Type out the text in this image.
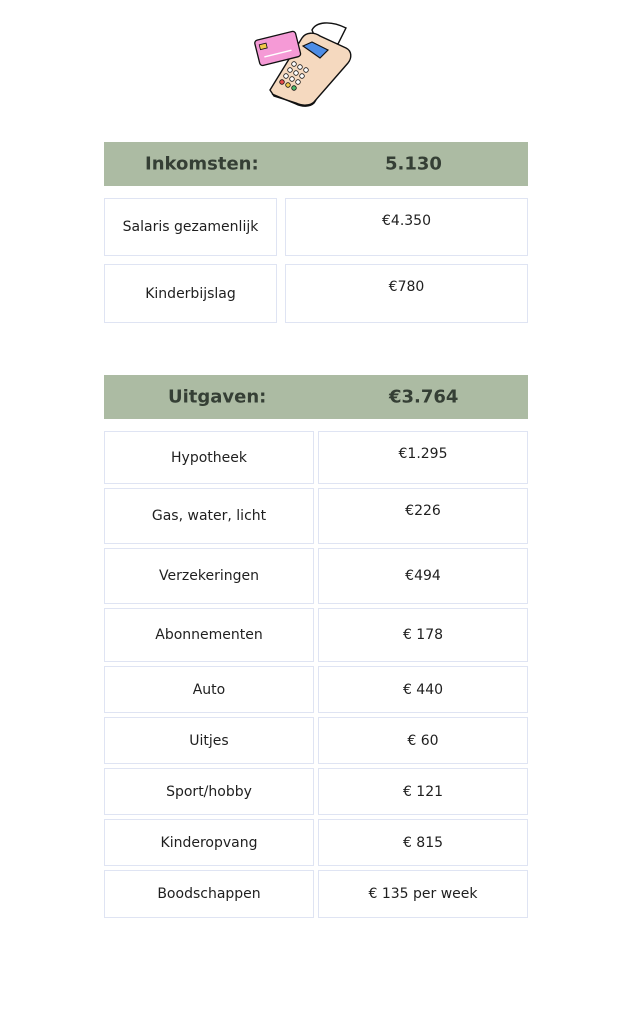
Inkomsten:	5.130
Salaris gezamenlijk	€4.350
Kinderbijslag	€780
Uitgaven:	€3.764
Hypotheek	€1.295
Gas, water, licht	€226
Verzekeringen	€494
Abonnementen	€ 178
Auto	€ 440
Uitjes	€ 60
Sport/hobby	€ 121
Kinderopvang	€ 815
Boodschappen	€ 135 per week
